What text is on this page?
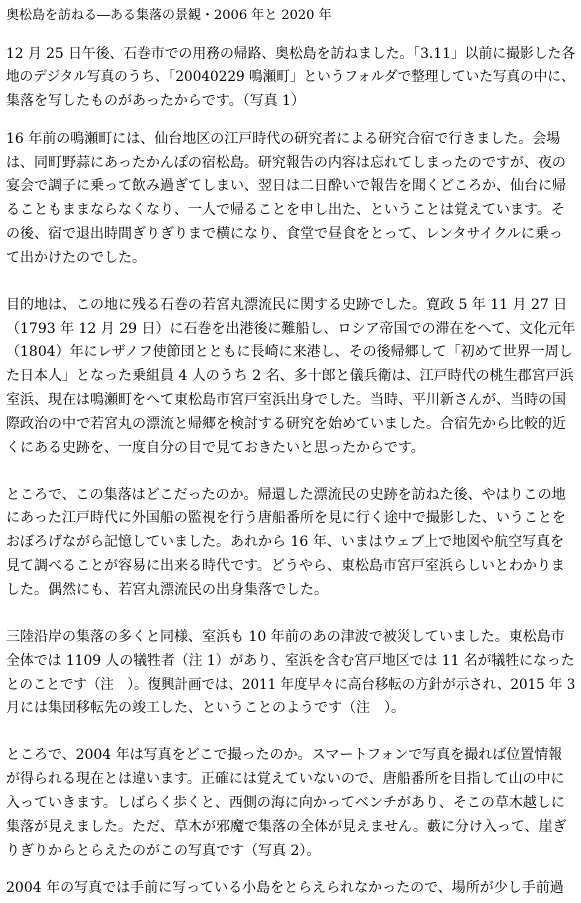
奥松島を訪ねる―ある集落の景観・2006 年と 2020 年
12 月 25 日午後、石巻市での用務の帰路、奥松島を訪ねました。「3.11」以前に撮影した各
地のデジタル写真のうち、「20040229 鳴瀬町」というフォルダで整理していた写真の中に、
集落を写したものがあったからです。（写真 1）
16 年前の鳴瀬町には、仙台地区の江戸時代の研究者による研究合宿で行きました。会場
は、同町野蒜にあったかんぽの宿松島。研究報告の内容は忘れてしまったのですが、夜の
宴会で調子に乗って飲み過ぎてしまい、翌日は二日酔いで報告を聞くどころか、仙台に帰
ることもままならなくなり、一人で帰ることを申し出た、ということは覚えています。そ
の後、宿で退出時間ぎりぎりまで横になり、食堂で昼食をとって、レンタサイクルに乗っ
て出かけたのでした。
目的地は、この地に残る石巻の若宮丸漂流民に関する史跡でした。寛政 5 年 11 月 27 日
（1793 年 12 月 29 日）に石巻を出港後に難船し、ロシア帝国での滞在をへて、文化元年
（1804）年にレザノフ使節団とともに長崎に来港し、その後帰郷して「初めて世界一周し
た日本人」となった乗組員 4 人のうち 2 名、多十郎と儀兵衛は、江戸時代の桃生郡宮戸浜
室浜、現在は鳴瀬町をへて東松島市宮戸室浜出身でした。当時、平川新さんが、当時の国
際政治の中で若宮丸の漂流と帰郷を検討する研究を始めていました。合宿先から比較的近
くにある史跡を、一度自分の目で見ておきたいと思ったからです。
ところで、この集落はどこだったのか。帰還した漂流民の史跡を訪ねた後、やはりこの地
にあった江戸時代に外国船の監視を行う唐船番所を見に行く途中で撮影した、いうことを
おぼろげながら記憶していました。あれから 16 年、いまはウェブ上で地図や航空写真を
見て調べることが容易に出来る時代です。どうやら、東松島市宮戸室浜らしいとわかりま
した。偶然にも、若宮丸漂流民の出身集落でした。
三陸沿岸の集落の多くと同様、室浜も 10 年前のあの津波で被災していました。東松島市
全体では 1109 人の犠牲者（注 1）があり、室浜を含む宮戸地区では 11 名が犠牲になった
とのことです（注　）。復興計画では、2011 年度早々に高台移転の方針が示され、2015 年 3
月には集団移転先の竣工した、ということのようです（注　）。
ところで、2004 年は写真をどこで撮ったのか。スマートフォンで写真を撮れば位置情報
が得られる現在とは違います。正確には覚えていないので、唐船番所を目指して山の中に
入っていきます。しばらく歩くと、西側の海に向かってベンチがあり、そこの草木越しに
集落が見えました。ただ、草木が邪魔で集落の全体が見えません。藪に分け入って、崖ぎ
りぎりからとらえたのがこの写真です（写真 2）。
2004 年の写真では手前に写っている小島をとらえられなかったので、場所が少し手前過
